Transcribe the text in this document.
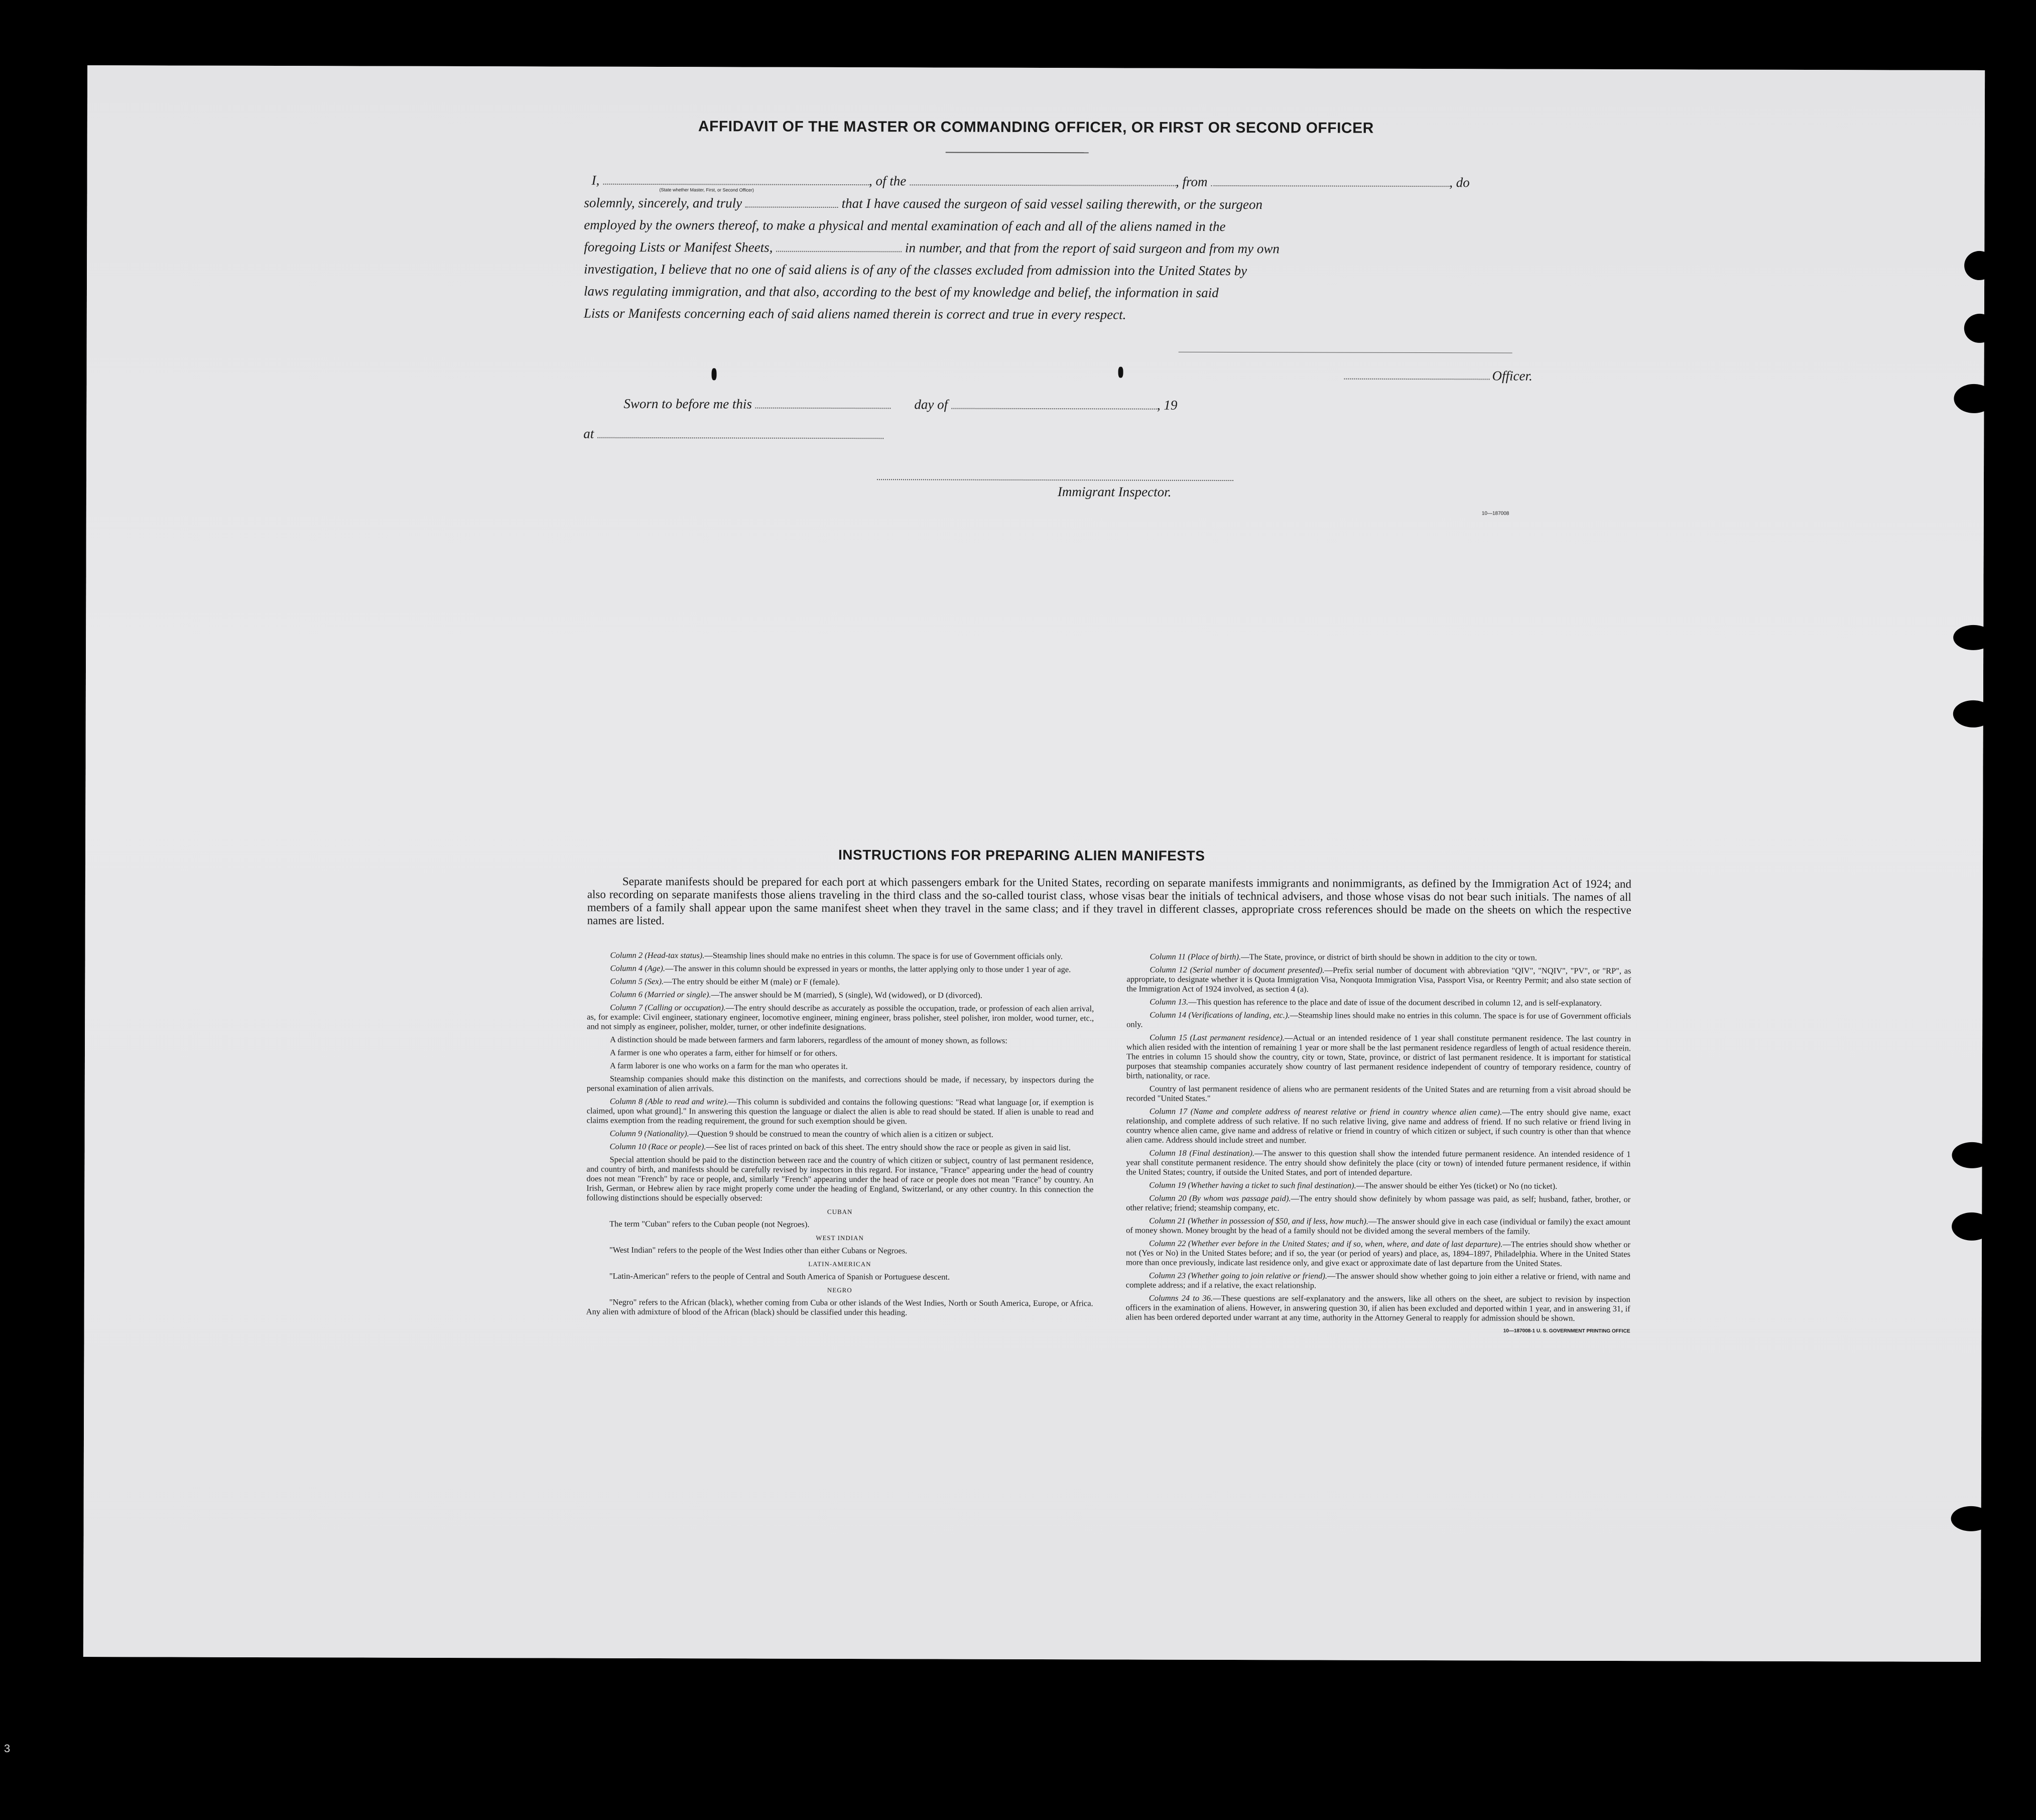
AFFIDAVIT OF THE MASTER OR COMMANDING OFFICER, OR FIRST OR SECOND OFFICER
I,	, of the	, from	, do
(State whether Master, First, or Second Officer)
solemnly, sincerely, and truly	that I have caused the surgeon of said vessel sailing therewith, or the surgeon
employed by the owners thereof, to make a physical and mental examination of each and all of the aliens named in the
foregoing Lists or Manifest Sheets,	in number, and that from the report of said surgeon and from my own
investigation, I believe that no one of said aliens is of any of the classes excluded from admission into the United States by
laws regulating immigration, and that also, according to the best of my knowledge and belief, the information in said
Lists or Manifests concerning each of said aliens named therein is correct and true in every respect.
Officer.
Sworn to before me this	day of	, 19
at
Immigrant Inspector.
10—187008
INSTRUCTIONS FOR PREPARING ALIEN MANIFESTS
Separate manifests should be prepared for each port at which passengers embark for the United States, recording on separate manifests immigrants and nonimmigrants, as defined by the Immigration Act of 1924; and also recording on separate manifests those aliens traveling in the third class and the so-called tourist class, whose visas bear the initials of technical advisers, and those whose visas do not bear such initials. The names of all members of a family shall appear upon the same manifest sheet when they travel in the same class; and if they travel in different classes, appropriate cross references should be made on the sheets on which the respective names are listed.

Column 2 (Head-tax status).—Steamship lines should make no entries in this column. The space is for use of Government officials only.

Column 4 (Age).—The answer in this column should be expressed in years or months, the latter applying only to those under 1 year of age.

Column 5 (Sex).—The entry should be either M (male) or F (female).

Column 6 (Married or single).—The answer should be M (married), S (single), Wd (widowed), or D (divorced).

Column 7 (Calling or occupation).—The entry should describe as accurately as possible the occupation, trade, or profession of each alien arrival, as, for example: Civil engineer, stationary engineer, locomotive engineer, mining engineer, brass polisher, steel polisher, iron molder, wood turner, etc., and not simply as engineer, polisher, molder, turner, or other indefinite designations.

A distinction should be made between farmers and farm laborers, regardless of the amount of money shown, as follows:

A farmer is one who operates a farm, either for himself or for others.

A farm laborer is one who works on a farm for the man who operates it.

Steamship companies should make this distinction on the manifests, and corrections should be made, if necessary, by inspectors during the personal examination of alien arrivals.

Column 8 (Able to read and write).—This column is subdivided and contains the following questions: "Read what language [or, if exemption is claimed, upon what ground]." In answering this question the language or dialect the alien is able to read should be stated. If alien is unable to read and claims exemption from the reading requirement, the ground for such exemption should be given.

Column 9 (Nationality).—Question 9 should be construed to mean the country of which alien is a citizen or subject.

Column 10 (Race or people).—See list of races printed on back of this sheet. The entry should show the race or people as given in said list.

Special attention should be paid to the distinction between race and the country of which citizen or subject, country of last permanent residence, and country of birth, and manifests should be carefully revised by inspectors in this regard. For instance, "France" appearing under the head of country does not mean "French" by race or people, and, similarly "French" appearing under the head of race or people does not mean "France" by country. An Irish, German, or Hebrew alien by race might properly come under the heading of England, Switzerland, or any other country. In this connection the following distinctions should be especially observed:

CUBAN

The term "Cuban" refers to the Cuban people (not Negroes).

WEST INDIAN

"West Indian" refers to the people of the West Indies other than either Cubans or Negroes.

LATIN-AMERICAN

"Latin-American" refers to the people of Central and South America of Spanish or Portuguese descent.

NEGRO

"Negro" refers to the African (black), whether coming from Cuba or other islands of the West Indies, North or South America, Europe, or Africa. Any alien with admixture of blood of the African (black) should be classified under this heading.

Column 11 (Place of birth).—The State, province, or district of birth should be shown in addition to the city or town.

Column 12 (Serial number of document presented).—Prefix serial number of document with abbreviation "QIV", "NQIV", "PV", or "RP", as appropriate, to designate whether it is Quota Immigration Visa, Nonquota Immigration Visa, Passport Visa, or Reentry Permit; and also state section of the Immigration Act of 1924 involved, as section 4 (a).

Column 13.—This question has reference to the place and date of issue of the document described in column 12, and is self-explanatory.

Column 14 (Verifications of landing, etc.).—Steamship lines should make no entries in this column. The space is for use of Government officials only.

Column 15 (Last permanent residence).—Actual or an intended residence of 1 year shall constitute permanent residence. The last country in which alien resided with the intention of remaining 1 year or more shall be the last permanent residence regardless of length of actual residence therein. The entries in column 15 should show the country, city or town, State, province, or district of last permanent residence. It is important for statistical purposes that steamship companies accurately show country of last permanent residence independent of country of temporary residence, country of birth, nationality, or race.

Country of last permanent residence of aliens who are permanent residents of the United States and are returning from a visit abroad should be recorded "United States."

Column 17 (Name and complete address of nearest relative or friend in country whence alien came).—The entry should give name, exact relationship, and complete address of such relative. If no such relative living, give name and address of friend. If no such relative or friend living in country whence alien came, give name and address of relative or friend in country of which citizen or subject, if such country is other than that whence alien came. Address should include street and number.

Column 18 (Final destination).—The answer to this question shall show the intended future permanent residence. An intended residence of 1 year shall constitute permanent residence. The entry should show definitely the place (city or town) of intended future permanent residence, if within the United States; country, if outside the United States, and port of intended departure.

Column 19 (Whether having a ticket to such final destination).—The answer should be either Yes (ticket) or No (no ticket).

Column 20 (By whom was passage paid).—The entry should show definitely by whom passage was paid, as self; husband, father, brother, or other relative; friend; steamship company, etc.

Column 21 (Whether in possession of $50, and if less, how much).—The answer should give in each case (individual or family) the exact amount of money shown. Money brought by the head of a family should not be divided among the several members of the family.

Column 22 (Whether ever before in the United States; and if so, when, where, and date of last departure).—The entries should show whether or not (Yes or No) in the United States before; and if so, the year (or period of years) and place, as, 1894–1897, Philadelphia. Where in the United States more than once previously, indicate last residence only, and give exact or approximate date of last departure from the United States.

Column 23 (Whether going to join relative or friend).—The answer should show whether going to join either a relative or friend, with name and complete address; and if a relative, the exact relationship.

Columns 24 to 36.—These questions are self-explanatory and the answers, like all others on the sheet, are subject to revision by inspection officers in the examination of aliens. However, in answering question 30, if alien has been excluded and deported within 1 year, and in answering 31, if alien has been ordered deported under warrant at any time, authority in the Attorney General to reapply for admission should be shown.

10—187008-1 U. S. GOVERNMENT PRINTING OFFICE

3
